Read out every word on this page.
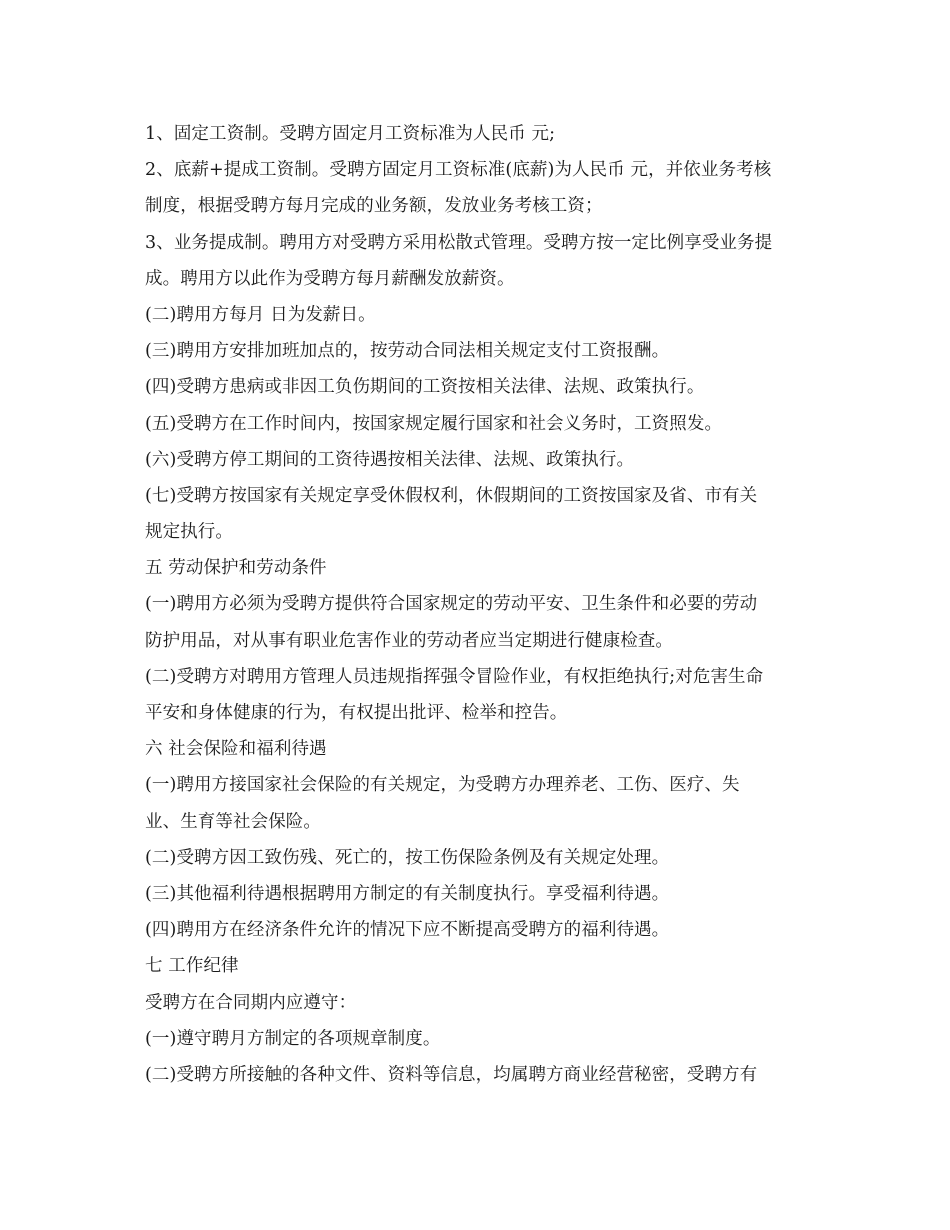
1、固定工资制。受聘方固定月工资标准为人民币 元;
2、底薪+提成工资制。受聘方固定月工资标准(底薪)为人民币 元，并依业务考核
制度，根据受聘方每月完成的业务额，发放业务考核工资；
3、业务提成制。聘用方对受聘方采用松散式管理。受聘方按一定比例享受业务提
成。聘用方以此作为受聘方每月薪酬发放薪资。
(二)聘用方每月 日为发薪日。
(三)聘用方安排加班加点的，按劳动合同法相关规定支付工资报酬。
(四)受聘方患病或非因工负伤期间的工资按相关法律、法规、政策执行。
(五)受聘方在工作时间内，按国家规定履行国家和社会义务时，工资照发。
(六)受聘方停工期间的工资待遇按相关法律、法规、政策执行。
(七)受聘方按国家有关规定享受休假权利，休假期间的工资按国家及省、市有关
规定执行。
五 劳动保护和劳动条件
(一)聘用方必须为受聘方提供符合国家规定的劳动平安、卫生条件和必要的劳动
防护用品，对从事有职业危害作业的劳动者应当定期进行健康检查。
(二)受聘方对聘用方管理人员违规指挥强令冒险作业，有权拒绝执行;对危害生命
平安和身体健康的行为，有权提出批评、检举和控告。
六 社会保险和福利待遇
(一)聘用方接国家社会保险的有关规定，为受聘方办理养老、工伤、医疗、失
业、生育等社会保险。
(二)受聘方因工致伤残、死亡的，按工伤保险条例及有关规定处理。
(三)其他福利待遇根据聘用方制定的有关制度执行。享受福利待遇。
(四)聘用方在经济条件允许的情况下应不断提高受聘方的福利待遇。
七 工作纪律
受聘方在合同期内应遵守：
(一)遵守聘月方制定的各项规章制度。
(二)受聘方所接触的各种文件、资料等信息，均属聘方商业经营秘密，受聘方有
